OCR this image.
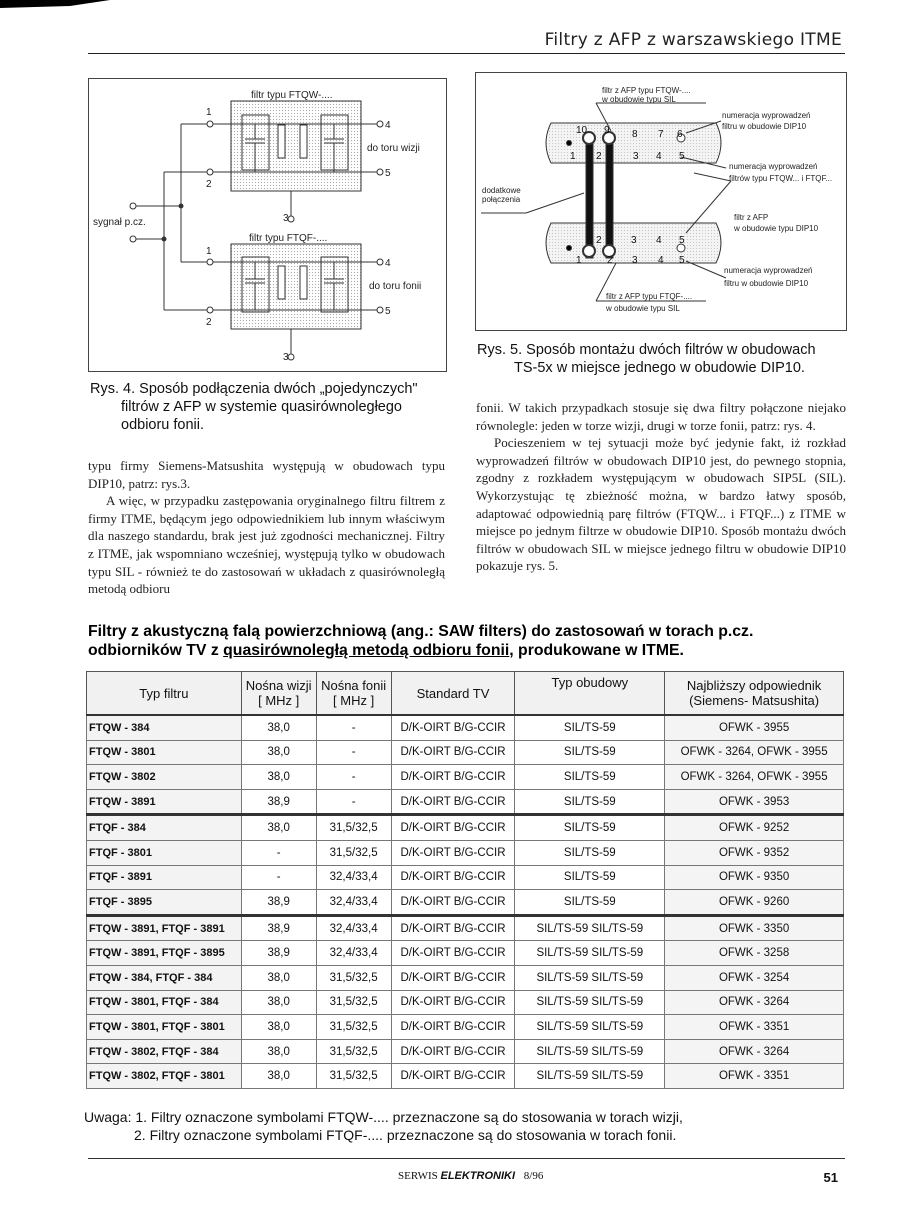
Filtry z AFP z warszawskiego ITME
filtr typu FTQW-....
filtr typu FTQF-....
do toru wizji
do toru fonii
sygnał p.cz.
1
2
3
4
5
1
2
3
4
5
Rys. 4. Sposób podłączenia dwóch „pojedynczych"
filtrów z AFP w systemie quasirównoległego
odbioru fonii.
filtr z AFP typu FTQW-....
w obudowie typu SIL
numeracja wyprowadzeń
filtru w obudowie DIP10
numeracja wyprowadzeń
filtrów typu FTQW... i FTQF...
dodatkowe
połączenia
filtr z AFP
w obudowie typu DIP10
numeracja wyprowadzeń
filtru w obudowie DIP10
filtr z AFP typu FTQF-....
w obudowie typu SIL
10 9 8 7 6
1 2	3 4 5
2	3 4 5
1	2 3 4 5
Rys. 5. Sposób montażu dwóch filtrów w obudowach
TS-5x w miejsce jednego w obudowie DIP10.

typu firmy Siemens-Matsushita występują w obudowach typu DIP10, patrz: rys.3.

A więc, w przypadku zastępowania oryginalnego filtru filtrem z firmy ITME, będącym jego odpowiednikiem lub innym właściwym dla naszego standardu, brak jest już zgodności mechanicznej. Filtry z ITME, jak wspomniano wcześniej, występują tylko w obudowach typu SIL - również te do zastosowań w układach z quasirównoległą metodą odbioru

fonii. W takich przypadkach stosuje się dwa filtry połączone niejako równolegle: jeden w torze wizji, drugi w torze fonii, patrz: rys. 4.

Pocieszeniem w tej sytuacji może być jedynie fakt, iż rozkład wyprowadzeń filtrów w obudowach DIP10 jest, do pewnego stopnia, zgodny z rozkładem występującym w obudowach SIP5L (SIL). Wykorzystując tę zbieżność można, w bardzo łatwy sposób, adaptować odpowiednią parę filtrów (FTQW... i FTQF...) z ITME w miejsce po jednym filtrze w obudowie DIP10. Sposób montażu dwóch filtrów w obudowach SIL w miejsce jednego filtru w obudowie DIP10 pokazuje rys. 5.

Filtry z akustyczną falą powierzchniową (ang.: SAW filters) do zastosowań w torach p.cz. odbiorników TV z quasirównoległą metodą odbioru fonii, produkowane w ITME.
Typ filtru	Nośna wizji
[ MHz ]	Nośna fonii
[ MHz ]	Standard TV	Typ obudowy	Najbliższy odpowiednik
(Siemens- Matsushita)
FTQW - 384	38,0	-	D/K-OIRT B/G-CCIR	SIL/TS-59	OFWK - 3955
FTQW - 3801	38,0	-	D/K-OIRT B/G-CCIR	SIL/TS-59	OFWK - 3264, OFWK - 3955
FTQW - 3802	38,0	-	D/K-OIRT B/G-CCIR	SIL/TS-59	OFWK - 3264, OFWK - 3955
FTQW - 3891	38,9	-	D/K-OIRT B/G-CCIR	SIL/TS-59	OFWK - 3953
FTQF - 384	38,0	31,5/32,5	D/K-OIRT B/G-CCIR	SIL/TS-59	OFWK - 9252
FTQF - 3801	-	31,5/32,5	D/K-OIRT B/G-CCIR	SIL/TS-59	OFWK - 9352
FTQF - 3891	-	32,4/33,4	D/K-OIRT B/G-CCIR	SIL/TS-59	OFWK - 9350
FTQF - 3895	38,9	32,4/33,4	D/K-OIRT B/G-CCIR	SIL/TS-59	OFWK - 9260
FTQW - 3891, FTQF - 3891	38,9	32,4/33,4	D/K-OIRT B/G-CCIR	SIL/TS-59 SIL/TS-59	OFWK - 3350
FTQW - 3891, FTQF - 3895	38,9	32,4/33,4	D/K-OIRT B/G-CCIR	SIL/TS-59 SIL/TS-59	OFWK - 3258
FTQW - 384, FTQF - 384	38,0	31,5/32,5	D/K-OIRT B/G-CCIR	SIL/TS-59 SIL/TS-59	OFWK - 3254
FTQW - 3801, FTQF - 384	38,0	31,5/32,5	D/K-OIRT B/G-CCIR	SIL/TS-59 SIL/TS-59	OFWK - 3264
FTQW - 3801, FTQF - 3801	38,0	31,5/32,5	D/K-OIRT B/G-CCIR	SIL/TS-59 SIL/TS-59	OFWK - 3351
FTQW - 3802, FTQF - 384	38,0	31,5/32,5	D/K-OIRT B/G-CCIR	SIL/TS-59 SIL/TS-59	OFWK - 3264
FTQW - 3802, FTQF - 3801	38,0	31,5/32,5	D/K-OIRT B/G-CCIR	SIL/TS-59 SIL/TS-59	OFWK - 3351
Uwaga: 1. Filtry oznaczone symbolami FTQW-.... przeznaczone są do stosowania w torach wizji,
2. Filtry oznaczone symbolami FTQF-.... przeznaczone są do stosowania w torach fonii.
SERWIS ELEKTRONIKI 8/96	51
